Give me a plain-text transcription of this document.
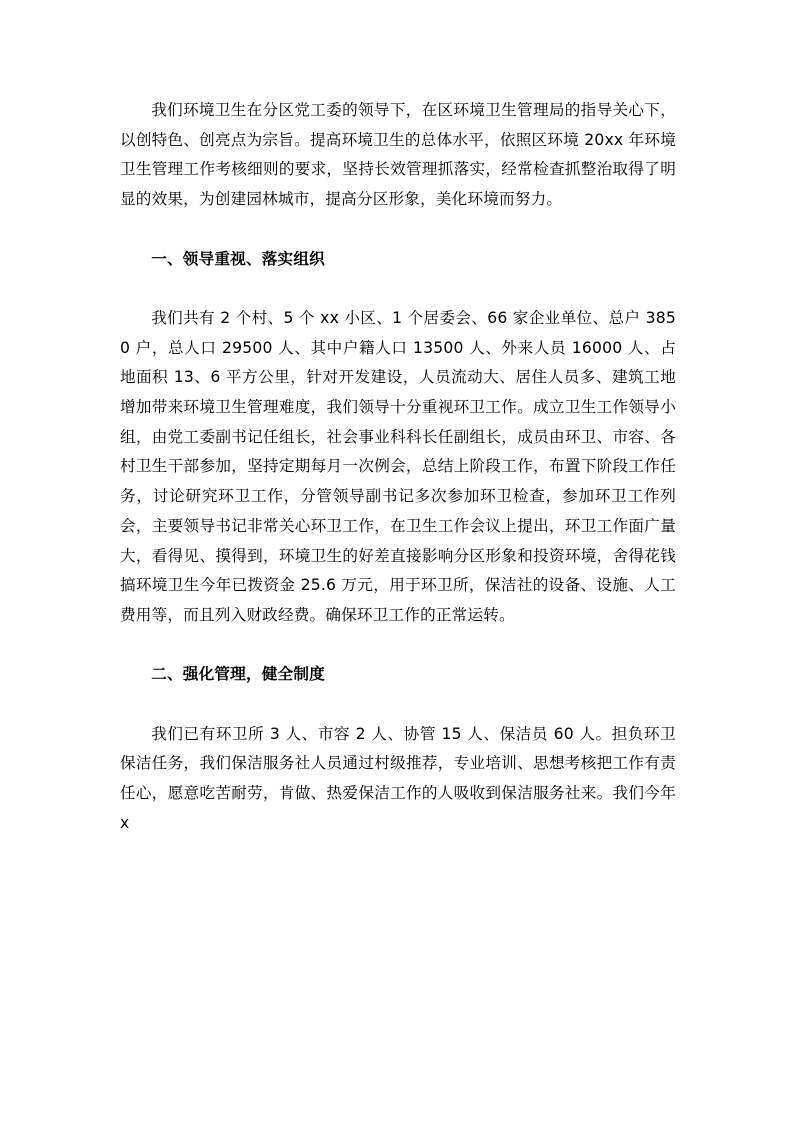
我们环境卫生在分区党工委的领导下，在区环境卫生管理局的指导关心下，以创特色、创亮点为宗旨。提高环境卫生的总体水平，依照区环境 20xx 年环境卫生管理工作考核细则的要求，坚持长效管理抓落实，经常检查抓整治取得了明显的效果，为创建园林城市，提高分区形象，美化环境而努力。

一、领导重视、落实组织

我们共有 2 个村、5 个 xx 小区、1 个居委会、66 家企业单位、总户 3850 户，总人口 29500 人、其中户籍人口 13500 人、外来人员 16000 人、占地面积 13、6 平方公里，针对开发建设，人员流动大、居住人员多、建筑工地增加带来环境卫生管理难度，我们领导十分重视环卫工作。成立卫生工作领导小组，由党工委副书记任组长，社会事业科科长任副组长，成员由环卫、市容、各村卫生干部参加，坚持定期每月一次例会，总结上阶段工作，布置下阶段工作任务，讨论研究环卫工作，分管领导副书记多次参加环卫检查，参加环卫工作列会，主要领导书记非常关心环卫工作，在卫生工作会议上提出，环卫工作面广量大，看得见、摸得到，环境卫生的好差直接影响分区形象和投资环境，舍得花钱搞环境卫生今年已拨资金 25.6 万元，用于环卫所，保洁社的设备、设施、人工费用等，而且列入财政经费。确保环卫工作的正常运转。

二、强化管理，健全制度

我们已有环卫所 3 人、市容 2 人、协管 15 人、保洁员 60 人。担负环卫保洁任务，我们保洁服务社人员通过村级推荐，专业培训、思想考核把工作有责任心，愿意吃苦耐劳，肯做、热爱保洁工作的人吸收到保洁服务社来。我们今年 x
